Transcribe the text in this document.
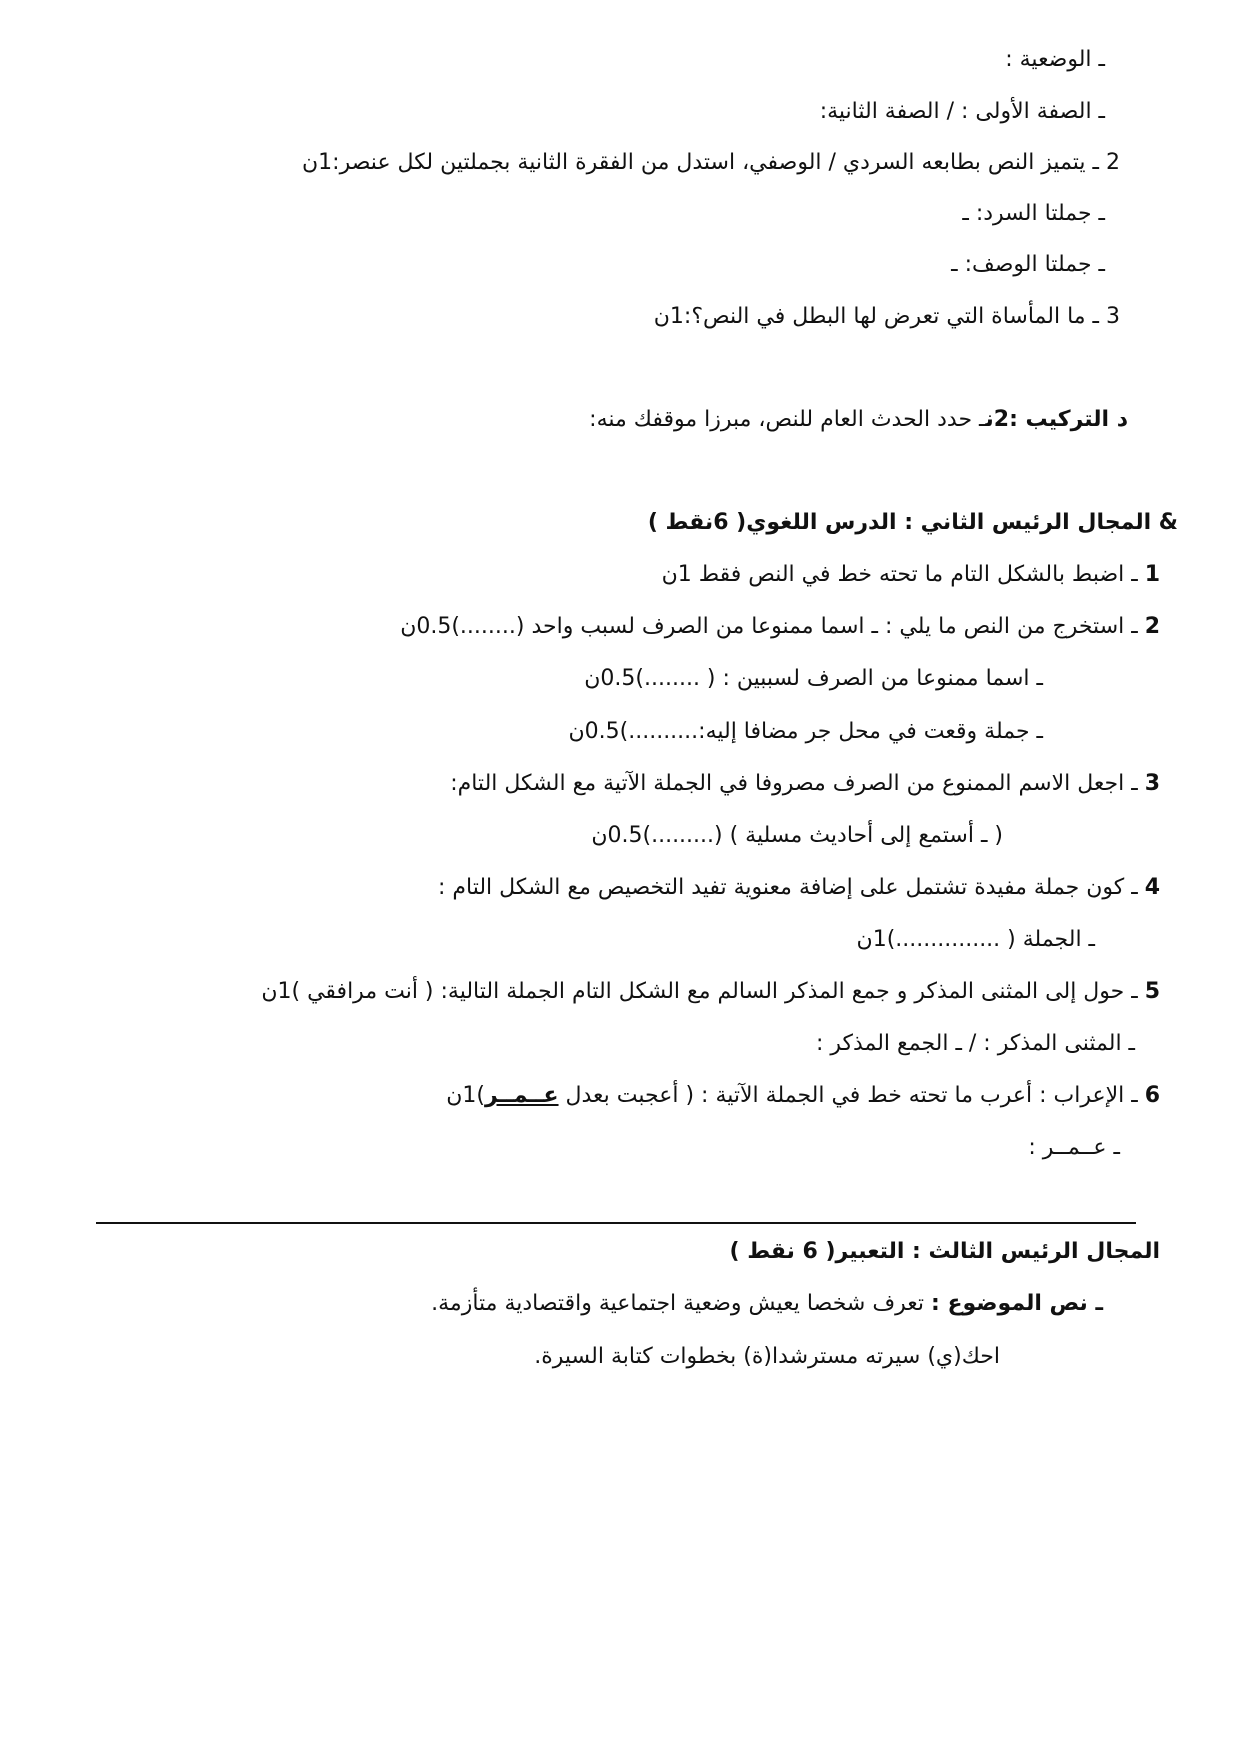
ـ الوضعية :
ـ الصفة الأولى : / الصفة الثانية:
2 ـ يتميز النص بطابعه السردي / الوصفي، استدل من الفقرة الثانية بجملتين لكل عنصر:1ن
ـ جملتا السرد: ـ
ـ جملتا الوصف: ـ
3 ـ ما المأساة التي تعرض لها البطل في النص؟:1ن
د التركيب :2نـ حدد الحدث العام للنص، مبرزا موقفك منه:
& المجال الرئيس الثاني : الدرس اللغوي( 6نقط )
1 ـ اضبط بالشكل التام ما تحته خط في النص فقط 1ن
2 ـ استخرج من النص ما يلي : ـ اسما ممنوعا من الصرف لسبب واحد (........)0.5ن
ـ اسما ممنوعا من الصرف لسببين : ( ........)0.5ن
ـ جملة وقعت في محل جر مضافا إليه:..........)0.5ن
3 ـ اجعل الاسم الممنوع من الصرف مصروفا في الجملة الآتية مع الشكل التام:
( ـ أستمع إلى أحاديث مسلية ) (.........)0.5ن
4 ـ كون جملة مفيدة تشتمل على إضافة معنوية تفيد التخصيص مع الشكل التام :
ـ الجملة ( ...............)1ن
5 ـ حول إلى المثنى المذكر و جمع المذكر السالم مع الشكل التام الجملة التالية: ( أنت مرافقي )1ن
ـ المثنى المذكر : / ـ الجمع المذكر :
6 ـ الإعراب : أعرب ما تحته خط في الجملة الآتية : ( أعجبت بعدل عــمــر)1ن
ـ عــمــر :
المجال الرئيس الثالث : التعبير( 6 نقط )
ـ نص الموضوع : تعرف شخصا يعيش وضعية اجتماعية واقتصادية متأزمة.
احك(ي) سيرته مسترشدا(ة) بخطوات كتابة السيرة.
